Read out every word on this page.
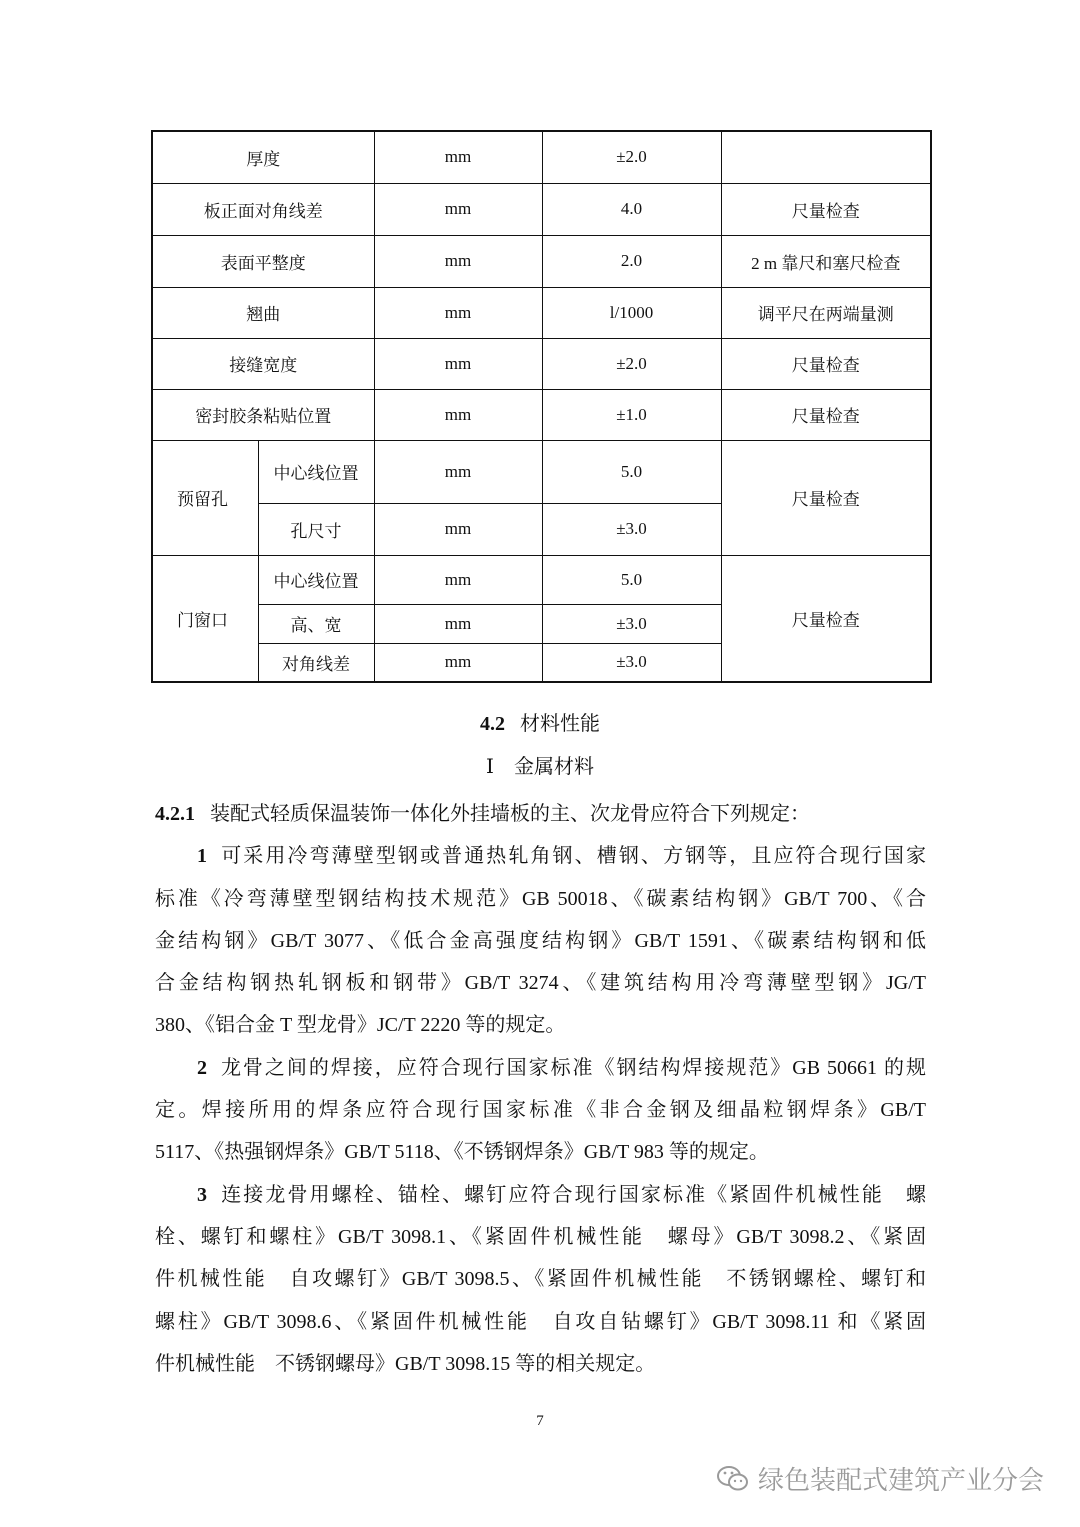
厚度		mm	±2.0	
板正面对角线差		mm	4.0	尺量检查
表面平整度		mm	2.0	2 m 靠尺和塞尺检查
翘曲		mm	l/1000	调平尺在两端量测
接缝宽度		mm	±2.0	尺量检查
密封胶条粘贴位置		mm	±1.0	尺量检查
预留孔	中心线位置	mm	5.0	尺量检查
	孔尺寸	mm	±3.0	
门窗口	中心线位置	mm	5.0	尺量检查
	高、宽	mm	±3.0	
	对角线差	mm	±3.0	
4.2 材料性能
Ⅰ 金属材料
4.2.1 装配式轻质保温装饰一体化外挂墙板的主、次龙骨应符合下列规定：
1 可采用冷弯薄壁型钢或普通热轧角钢、槽钢、方钢等，且应符合现行国家
标准《冷弯薄壁型钢结构技术规范》GB 50018、《碳素结构钢》GB/T 700、《合
金结构钢》GB/T 3077、《低合金高强度结构钢》GB/T 1591、《碳素结构钢和低
合金结构钢热轧钢板和钢带》GB/T 3274、《建筑结构用冷弯薄壁型钢》JG/T
380、《铝合金 T 型龙骨》JC/T 2220 等的规定。
2 龙骨之间的焊接，应符合现行国家标准《钢结构焊接规范》GB 50661 的规
定。焊接所用的焊条应符合现行国家标准《非合金钢及细晶粒钢焊条》GB/T
5117、《热强钢焊条》GB/T 5118、《不锈钢焊条》GB/T 983 等的规定。
3 连接龙骨用螺栓、锚栓、螺钉应符合现行国家标准《紧固件机械性能　螺
栓、螺钉和螺柱》GB/T 3098.1、《紧固件机械性能　螺母》GB/T 3098.2、《紧固
件机械性能　自攻螺钉》GB/T 3098.5、《紧固件机械性能　不锈钢螺栓、螺钉和
螺柱》GB/T 3098.6、《紧固件机械性能　自攻自钻螺钉》GB/T 3098.11 和《紧固
件机械性能　不锈钢螺母》GB/T 3098.15 等的相关规定。
7
绿色装配式建筑产业分会
